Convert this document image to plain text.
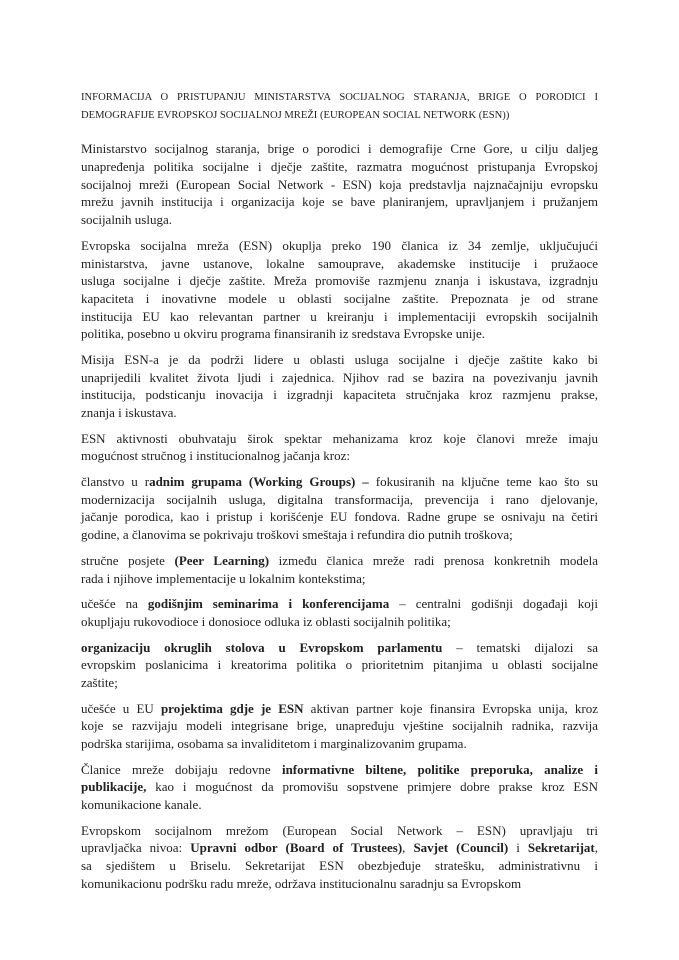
INFORMACIJA O PRISTUPANJU MINISTARSTVA SOCIJALNOG STARANJA, BRIGE O PORODICI I
DEMOGRAFIJE EVROPSKOJ SOCIJALNOJ MREŽI (EUROPEAN SOCIAL NETWORK (ESN))
Ministarstvo socijalnog staranja, brige o porodici i demografije Crne Gore, u cilju daljeg
unapređenja politika socijalne i dječje zaštite, razmatra mogućnost pristupanja Evropskoj
socijalnoj mreži (European Social Network - ESN) koja predstavlja najznačajniju evropsku
mrežu javnih institucija i organizacija koje se bave planiranjem, upravljanjem i pružanjem
socijalnih usluga.
Evropska socijalna mreža (ESN) okuplja preko 190 članica iz 34 zemlje, uključujući
ministarstva, javne ustanove, lokalne samouprave, akademske institucije i pružaoce
usluga socijalne i dječje zaštite. Mreža promoviše razmjenu znanja i iskustava, izgradnju
kapaciteta i inovativne modele u oblasti socijalne zaštite. Prepoznata je od strane
institucija EU kao relevantan partner u kreiranju i implementaciji evropskih socijalnih
politika, posebno u okviru programa finansiranih iz sredstava Evropske unije.
Misija ESN-a je da podrži lidere u oblasti usluga socijalne i dječje zaštite kako bi
unaprijedili kvalitet života ljudi i zajednica. Njihov rad se bazira na povezivanju javnih
institucija, podsticanju inovacija i izgradnji kapaciteta stručnjaka kroz razmjenu prakse,
znanja i iskustava.
ESN aktivnosti obuhvataju širok spektar mehanizama kroz koje članovi mreže imaju
mogućnost stručnog i institucionalnog jačanja kroz:
članstvo u radnim grupama (Working Groups) – fokusiranih na ključne teme kao što su
modernizacija socijalnih usluga, digitalna transformacija, prevencija i rano djelovanje,
jačanje porodica, kao i pristup i korišćenje EU fondova. Radne grupe se osnivaju na četiri
godine, a članovima se pokrivaju troškovi smeštaja i refundira dio putnih troškova;
stručne posjete (Peer Learning) između članica mreže radi prenosa konkretnih modela
rada i njihove implementacije u lokalnim kontekstima;
učešće na godišnjim seminarima i konferencijama – centralni godišnji događaji koji
okupljaju rukovodioce i donosioce odluka iz oblasti socijalnih politika;
organizaciju okruglih stolova u Evropskom parlamentu – tematski dijalozi sa
evropskim poslanicima i kreatorima politika o prioritetnim pitanjima u oblasti socijalne
zaštite;
učešće u EU projektima gdje je ESN aktivan partner koje finansira Evropska unija, kroz
koje se razvijaju modeli integrisane brige, unapređuju vještine socijalnih radnika, razvija
podrška starijima, osobama sa invaliditetom i marginalizovanim grupama.
Članice mreže dobijaju redovne informativne biltene, politike preporuka, analize i
publikacije, kao i mogućnost da promovišu sopstvene primjere dobre prakse kroz ESN
komunikacione kanale.
Evropskom socijalnom mrežom (European Social Network – ESN) upravljaju tri
upravljačka nivoa: Upravni odbor (Board of Trustees), Savjet (Council) i Sekretarijat,
sa sjedištem u Briselu. Sekretarijat ESN obezbjeđuje stratešku, administrativnu i
komunikacionu podršku radu mreže, održava institucionalnu saradnju sa Evropskom
